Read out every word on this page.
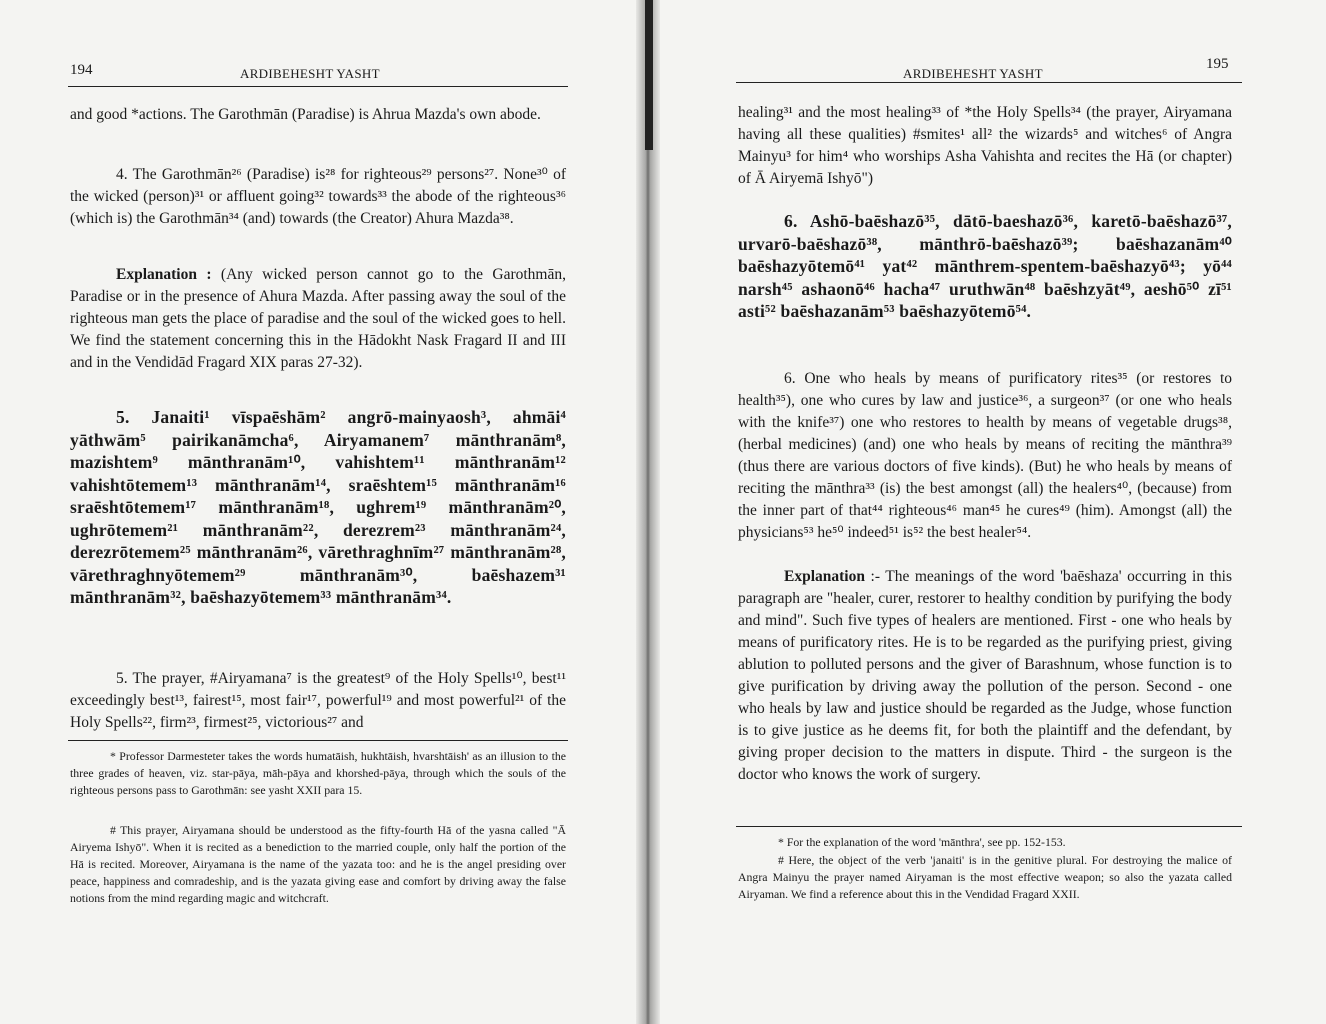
194	ARDIBEHESHT YASHT

and good *actions. The Garothmān (Paradise) is Ahrua Mazda's own abode.

4. The Garothmān²⁶ (Paradise) is²⁸ for righteous²⁹ persons²⁷. None³⁰ of the wicked (person)³¹ or affluent going³² towards³³ the abode of the righteous³⁶ (which is) the Garothmān³⁴ (and) towards (the Creator) Ahura Mazda³⁸.

Explanation : (Any wicked person cannot go to the Garothmān, Paradise or in the presence of Ahura Mazda. After passing away the soul of the righteous man gets the place of paradise and the soul of the wicked goes to hell. We find the statement concerning this in the Hādokht Nask Fragard II and III and in the Vendidād Fragard XIX paras 27-32).

5. Janaiti¹ vīspaēshām² angrō-mainyaosh³, ahmāi⁴ yāthwām⁵ pairikanāmcha⁶, Airyamanem⁷ mānthranām⁸, mazishtem⁹ mānthranām¹⁰, vahishtem¹¹ mānthranām¹² vahishtōtemem¹³ mānthranām¹⁴, sraēshtem¹⁵ mānthranām¹⁶ sraēshtōtemem¹⁷ mānthranām¹⁸, ughrem¹⁹ mānthranām²⁰, ughrōtemem²¹ mānthranām²², derezrem²³ mānthranām²⁴, derezrōtemem²⁵ mānthranām²⁶, vārethraghnīm²⁷ mānthranām²⁸, vārethraghnyōtemem²⁹ mānthranām³⁰, baēshazem³¹ mānthranām³², baēshazyōtemem³³ mānthranām³⁴.

5. The prayer, #Airyamana⁷ is the greatest⁹ of the Holy Spells¹⁰, best¹¹ exceedingly best¹³, fairest¹⁵, most fair¹⁷, powerful¹⁹ and most powerful²¹ of the Holy Spells²², firm²³, firmest²⁵, victorious²⁷ and

* Professor Darmesteter takes the words humatāish, hukhtāish, hvarshtāish' as an illusion to the three grades of heaven, viz. star-pāya, māh-pāya and khorshed-pāya, through which the souls of the righteous persons pass to Garothmān: see yasht XXII para 15.

# This prayer, Airyamana should be understood as the fifty-fourth Hā of the yasna called "Ā Airyema Ishyō". When it is recited as a benediction to the married couple, only half the portion of the Hā is recited. Moreover, Airyamana is the name of the yazata too: and he is the angel presiding over peace, happiness and comradeship, and is the yazata giving ease and comfort by driving away the false notions from the mind regarding magic and witchcraft.

ARDIBEHESHT YASHT
195

healing³¹ and the most healing³³ of *the Holy Spells³⁴ (the prayer, Airyamana having all these qualities) #smites¹ all² the wizards⁵ and witches⁶ of Angra Mainyu³ for him⁴ who worships Asha Vahishta and recites the Hā (or chapter) of Ā Airyemā Ishyō")

6. Ashō-baēshazō³⁵, dātō-baeshazō³⁶, karetō-baēshazō³⁷, urvarō-baēshazō³⁸, mānthrō-baēshazō³⁹; baēshazanām⁴⁰ baēshazyōtemō⁴¹ yat⁴² mānthrem-spentem-baēshazyō⁴³; yō⁴⁴ narsh⁴⁵ ashaonō⁴⁶ hacha⁴⁷ uruthwān⁴⁸ baēshzyāt⁴⁹, aeshō⁵⁰ zī⁵¹ asti⁵² baēshazanām⁵³ baēshazyōtemō⁵⁴.

6. One who heals by means of purificatory rites³⁵ (or restores to health³⁵), one who cures by law and justice³⁶, a surgeon³⁷ (or one who heals with the knife³⁷) one who restores to health by means of vegetable drugs³⁸, (herbal medicines) (and) one who heals by means of reciting the mānthra³⁹ (thus there are various doctors of five kinds). (But) he who heals by means of reciting the mānthra³³ (is) the best amongst (all) the healers⁴⁰, (because) from the inner part of that⁴⁴ righteous⁴⁶ man⁴⁵ he cures⁴⁹ (him). Amongst (all) the physicians⁵³ he⁵⁰ indeed⁵¹ is⁵² the best healer⁵⁴.

Explanation :- The meanings of the word 'baēshaza' occurring in this paragraph are "healer, curer, restorer to healthy condition by purifying the body and mind". Such five types of healers are mentioned. First - one who heals by means of purificatory rites. He is to be regarded as the purifying priest, giving ablution to polluted persons and the giver of Barashnum, whose function is to give purification by driving away the pollution of the person. Second - one who heals by law and justice should be regarded as the Judge, whose function is to give justice as he deems fit, for both the plaintiff and the defendant, by giving proper decision to the matters in dispute. Third - the surgeon is the doctor who knows the work of surgery.

* For the explanation of the word 'mānthra', see pp. 152-153.

# Here, the object of the verb 'janaiti' is in the genitive plural. For destroying the malice of Angra Mainyu the prayer named Airyaman is the most effective weapon; so also the yazata called Airyaman. We find a reference about this in the Vendidad Fragard XXII.
